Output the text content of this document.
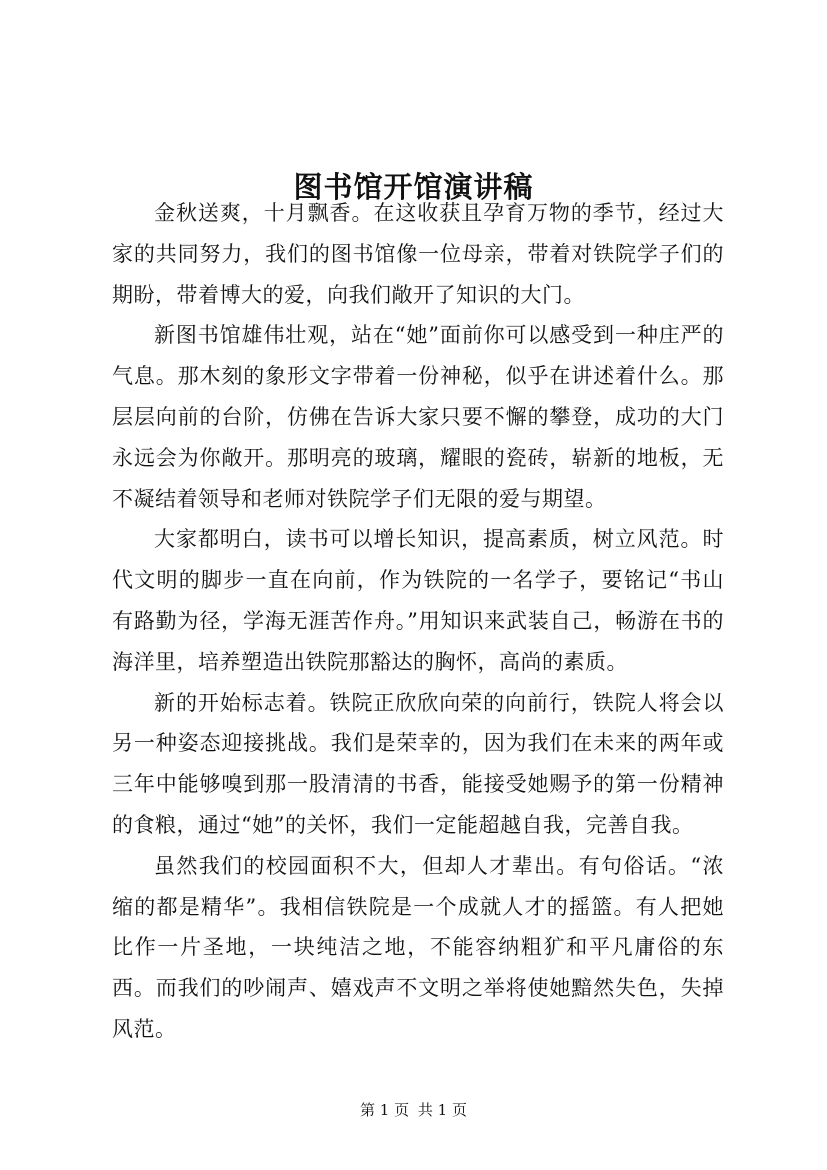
图书馆开馆演讲稿

金秋送爽，十月飘香。在这收获且孕育万物的季节，经过大家的共同努力，我们的图书馆像一位母亲，带着对铁院学子们的期盼，带着博大的爱，向我们敞开了知识的大门。

新图书馆雄伟壮观，站在“她”面前你可以感受到一种庄严的气息。那木刻的象形文字带着一份神秘，似乎在讲述着什么。那层层向前的台阶，仿佛在告诉大家只要不懈的攀登，成功的大门永远会为你敞开。那明亮的玻璃，耀眼的瓷砖，崭新的地板，无不凝结着领导和老师对铁院学子们无限的爱与期望。

大家都明白，读书可以增长知识，提高素质，树立风范。时代文明的脚步一直在向前，作为铁院的一名学子，要铭记“书山有路勤为径，学海无涯苦作舟。”用知识来武装自己，畅游在书的海洋里，培养塑造出铁院那豁达的胸怀，高尚的素质。

新的开始标志着。铁院正欣欣向荣的向前行，铁院人将会以另一种姿态迎接挑战。我们是荣幸的，因为我们在未来的两年或三年中能够嗅到那一股清清的书香，能接受她赐予的第一份精神的食粮，通过“她”的关怀，我们一定能超越自我，完善自我。

虽然我们的校园面积不大，但却人才辈出。有句俗话。“浓缩的都是精华”。我相信铁院是一个成就人才的摇篮。有人把她比作一片圣地，一块纯洁之地，不能容纳粗犷和平凡庸俗的东西。而我们的吵闹声、嬉戏声不文明之举将使她黯然失色，失掉风范。

第 1 页 共 1 页
